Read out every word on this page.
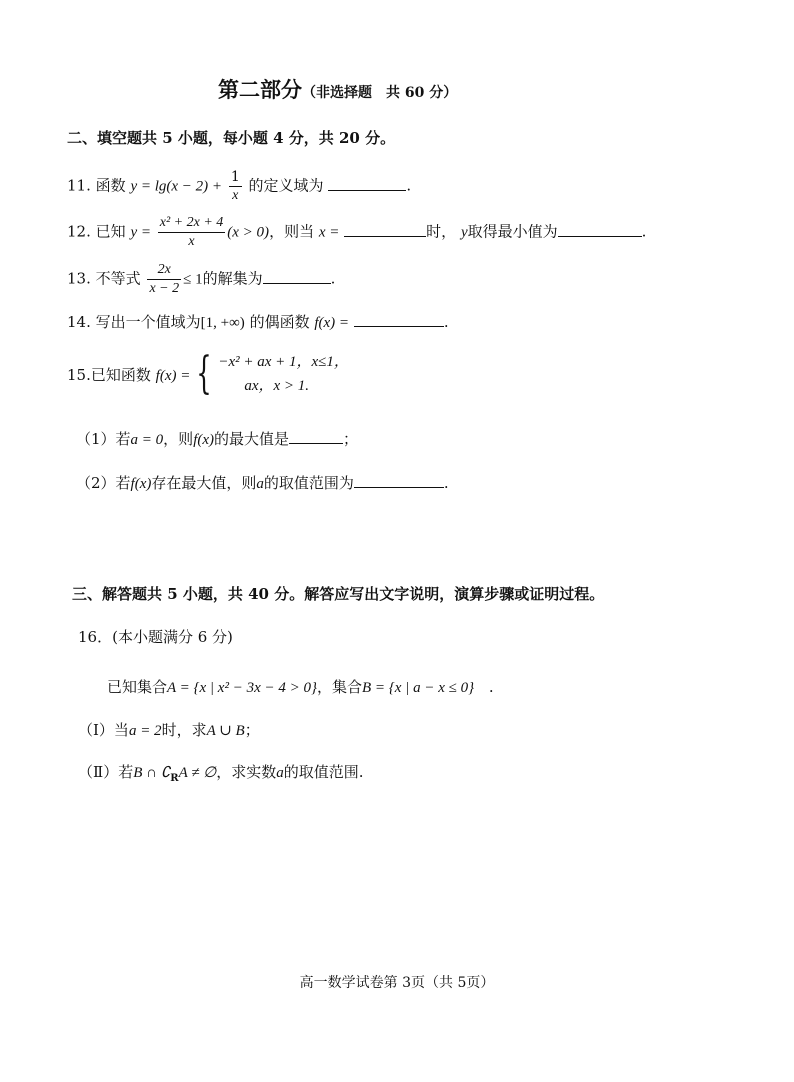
第二部分（非选择题　共 60 分）
二、填空题共 5 小题，每小题 4 分，共 20 分。
11. 函数 $y = \lg(x - 2) + \frac{1}{x}$ 的定义域为	.
12. 已知 $y = \frac{\text{x² + 2x + 4}}{x} (x > 0)$，则当 x =	时， y取得最小值为	.
13. 不等式 $\frac{2x}{x - 2} \le 1$的解集为	.
14. 写出一个值域为[1, +∞) 的偶函数 f(x) =	.
15.已知函数 f(x) = { −x² + ax + 1，x≤1，
ax，x > 1.
（1）若a = 0，则f(x)的最大值是	；
（2）若f(x)存在最大值，则a的取值范围为	.
三、解答题共 5 小题，共 40 分。解答应写出文字说明，演算步骤或证明过程。
16．(本小题满分 6 分)
已知集合A = {x | x² − 3x − 4 > 0}，集合B = {x | a − x ≤ 0} .
（Ⅰ）当a = 2时，求A ∪ B；
（Ⅱ）若B ∩ $∁_RA$ ≠ ∅，求实数a的取值范围.
高一数学试卷第 3页（共 5页）
